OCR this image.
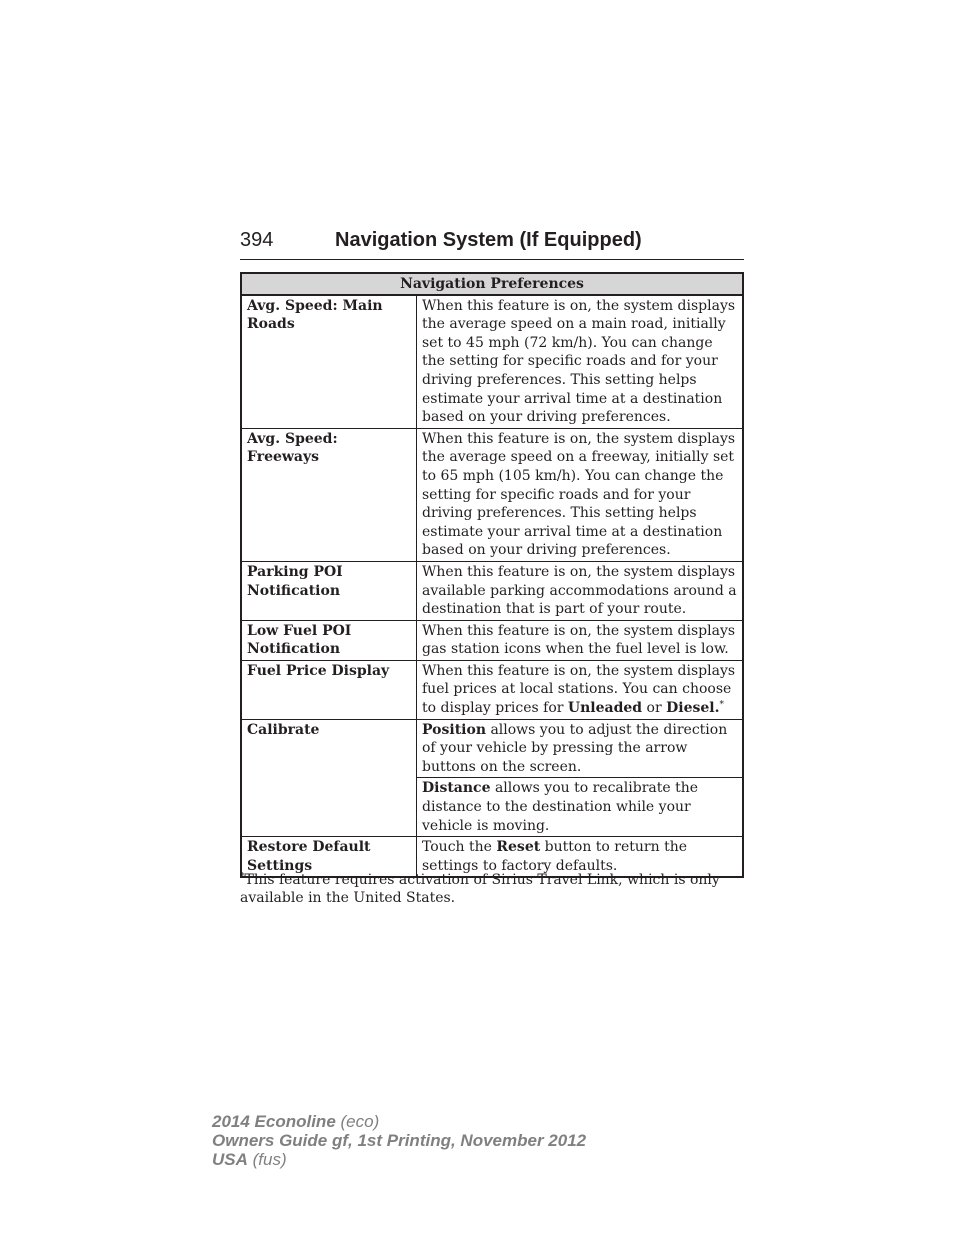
394	Navigation System (If Equipped)
Navigation Preferences	
Avg. Speed: Main Roads	When this feature is on, the system displays the average speed on a main road, initially set to 45 mph (72 km/h). You can change the setting for specific roads and for your driving preferences. This setting helps estimate your arrival time at a destination based on your driving preferences.
Avg. Speed: Freeways	When this feature is on, the system displays the average speed on a freeway, initially set to 65 mph (105 km/h). You can change the setting for specific roads and for your driving preferences. This setting helps estimate your arrival time at a destination based on your driving preferences.
Parking POI Notification	When this feature is on, the system displays available parking accommodations around a destination that is part of your route.
Low Fuel POI Notification	When this feature is on, the system displays gas station icons when the fuel level is low.
Fuel Price Display	When this feature is on, the system displays fuel prices at local stations. You can choose to display prices for Unleaded or Diesel.*
Calibrate	Position allows you to adjust the direction of your vehicle by pressing the arrow buttons on the screen.
	Distance allows you to recalibrate the distance to the destination while your vehicle is moving.
Restore Default Settings	Touch the Reset button to return the settings to factory defaults.
*This feature requires activation of Sirius Travel Link, which is only available in the United States.
2014 Econoline (eco)
Owners Guide gf, 1st Printing, November 2012
USA (fus)
